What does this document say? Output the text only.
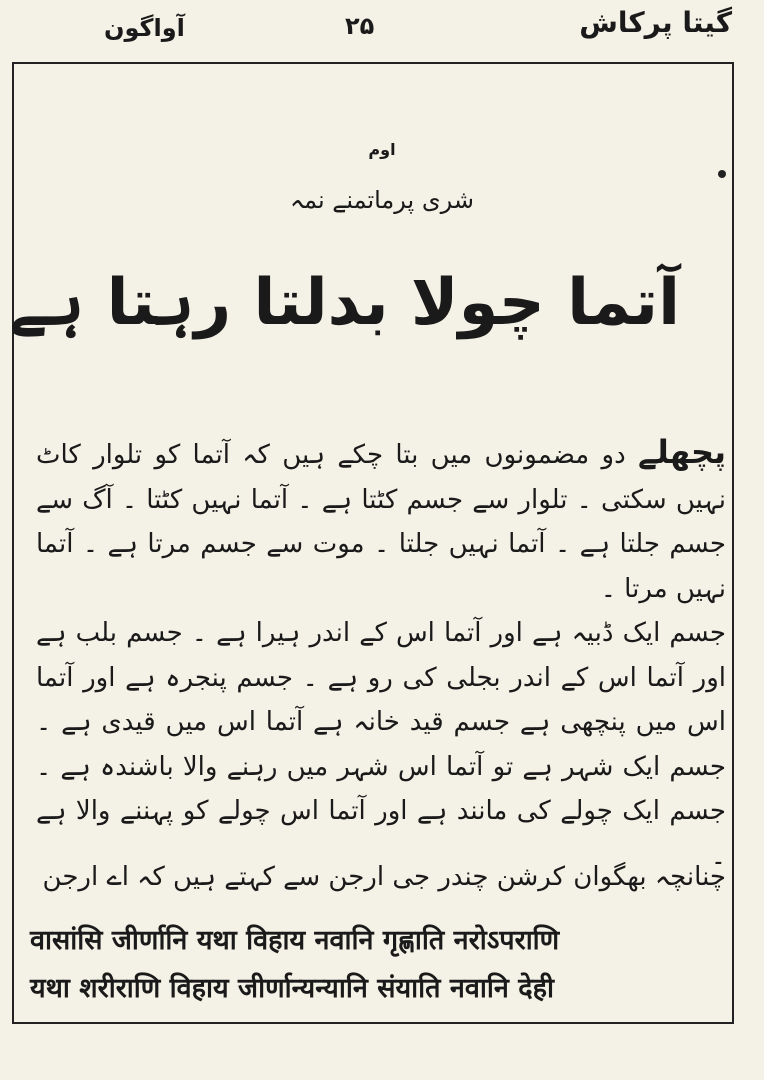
آواگون	۲۵	گیتا پرکاش
اوم
شری پرماتمنے نمہ
آتما چولا بدلتا رہتا ہے

پچھلے دو مضمونوں میں بتا چکے ہیں کہ آتما کو تلوار کاٹ نہیں سکتی ۔ تلوار سے جسم کٹتا ہے ۔ آتما نہیں کٹتا ۔ آگ سے جسم جلتا ہے ۔ آتما نہیں جلتا ۔ موت سے جسم مرتا ہے ۔ آتما نہیں مرتا ۔

جسم ایک ڈبیہ ہے اور آتما اس کے اندر ہیرا ہے ۔ جسم بلب ہے اور آتما اس کے اندر بجلی کی رو ہے ۔ جسم پنجرہ ہے اور آتما اس میں پنچھی ہے جسم قید خانہ ہے آتما اس میں قیدی ہے ۔ جسم ایک شہر ہے تو آتما اس شہر میں رہنے والا باشندہ ہے ۔ جسم ایک چولے کی مانند ہے اور آتما اس چولے کو پہننے والا ہے ۔

چنانچہ بھگوان کرشن چندر جی ارجن سے کہتے ہیں کہ اے ارجن
वासांसि जीर्णानि यथा विहाय नवानि गृह्णाति नरोऽपराणि
यथा शरीराणि विहाय जीर्णान्यन्यानि संयाति नवानि देही
